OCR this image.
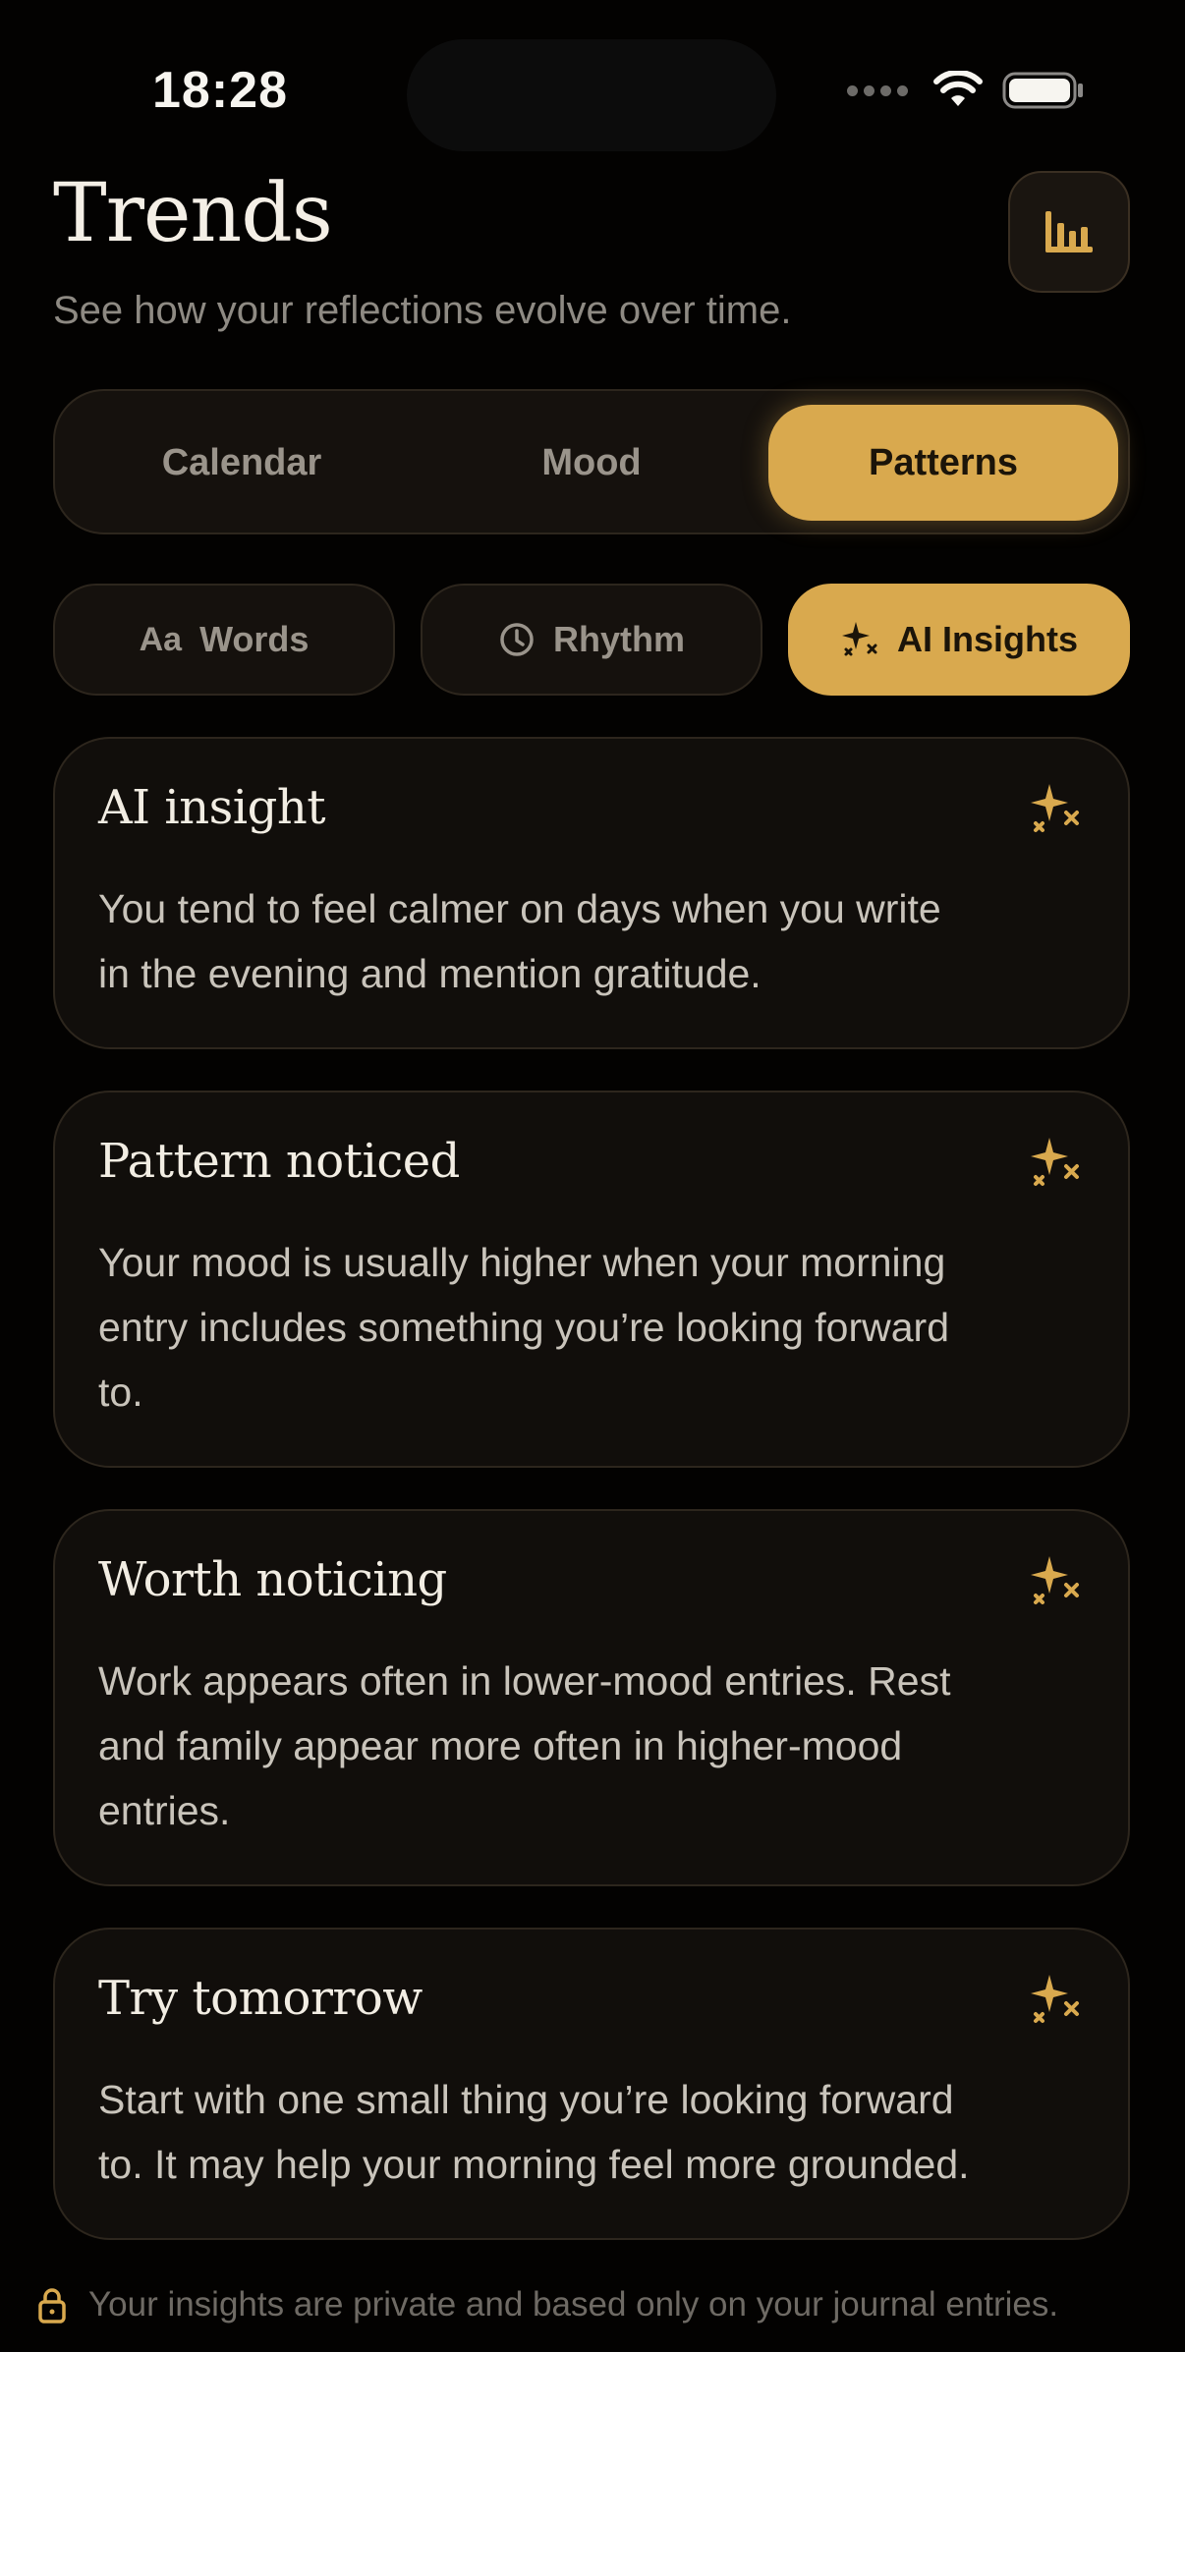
18:28
Trends
See how your reflections evolve over time.
Calendar	Mood	Patterns
Aa Words	Rhythm	AI Insights
AI insight
You tend to feel calmer on days when you write
in the evening and mention gratitude.
Pattern noticed
Your mood is usually higher when your morning
entry includes something you’re looking forward
to.
Worth noticing
Work appears often in lower-mood entries. Rest
and family appear more often in higher-mood
entries.
Try tomorrow
Start with one small thing you’re looking forward
to. It may help your morning feel more grounded.
Your insights are private and based only on your journal entries.
